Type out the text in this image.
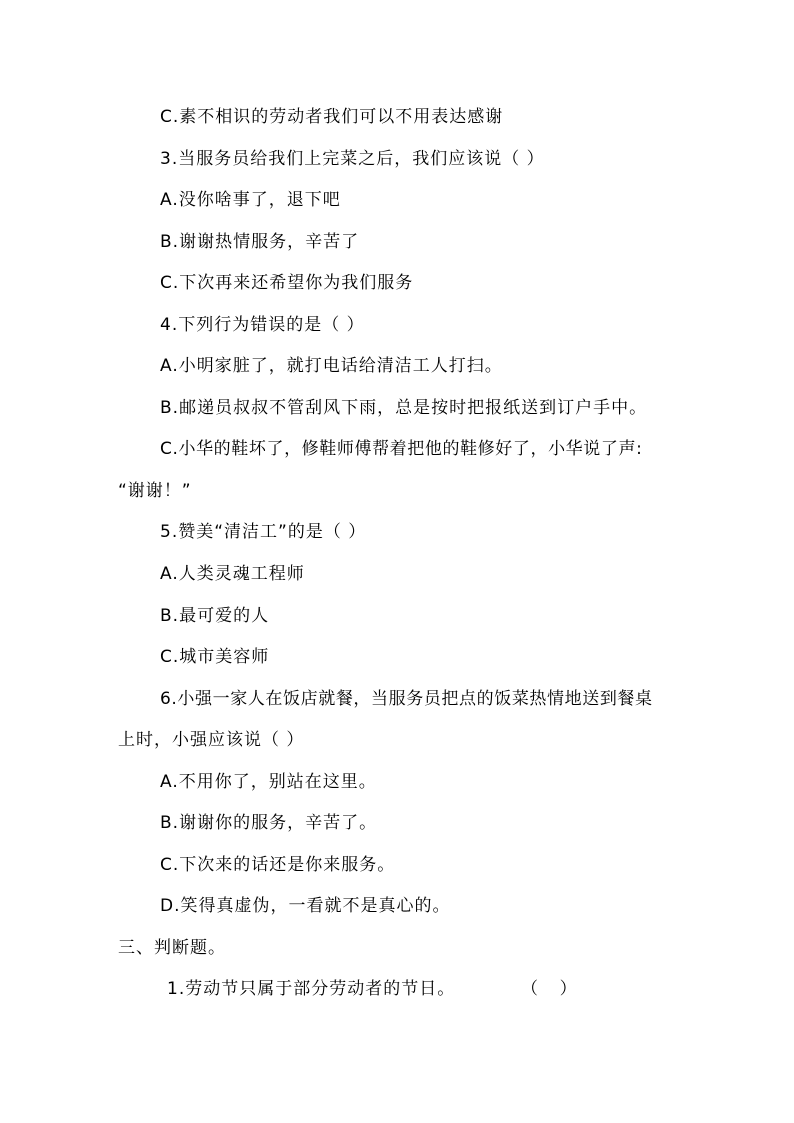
C.素不相识的劳动者我们可以不用表达感谢
3.当服务员给我们上完菜之后，我们应该说（ ）
A.没你啥事了，退下吧
B.谢谢热情服务，辛苦了
C.下次再来还希望你为我们服务
4.下列行为错误的是（ ）
A.小明家脏了，就打电话给清洁工人打扫。
B.邮递员叔叔不管刮风下雨，总是按时把报纸送到订户手中。
C.小华的鞋坏了，修鞋师傅帮着把他的鞋修好了，小华说了声:
“谢谢！”
5.赞美“清洁工”的是（ ）
A.人类灵魂工程师
B.最可爱的人
C.城市美容师
6.小强一家人在饭店就餐，当服务员把点的饭菜热情地送到餐桌
上时，小强应该说（ ）
A.不用你了，别站在这里。
B.谢谢你的服务，辛苦了。
C.下次来的话还是你来服务。
D.笑得真虚伪，一看就不是真心的。
三、判断题。
1.劳动节只属于部分劳动者的节日。	（    ）
